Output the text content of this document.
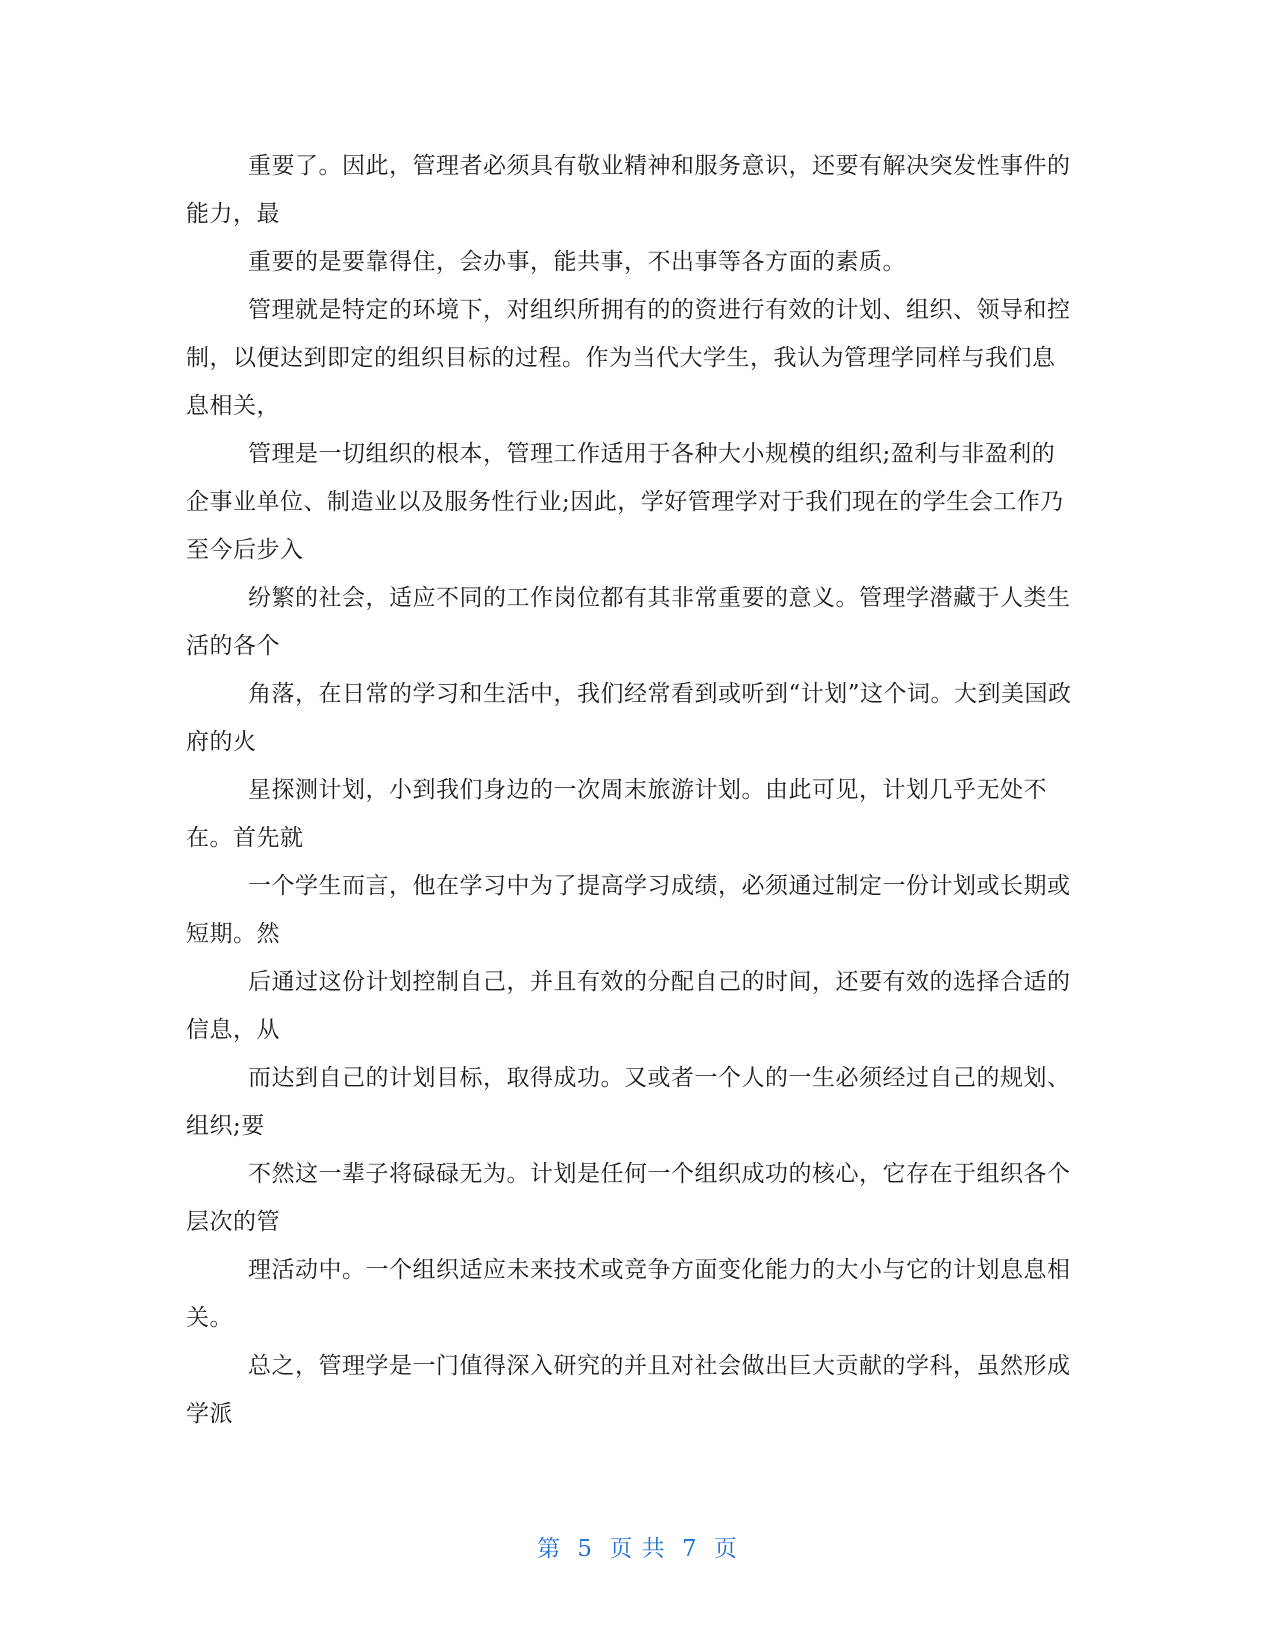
重要了。因此，管理者必须具有敬业精神和服务意识，还要有解决突发性事件的能力，最

重要的是要靠得住，会办事，能共事，不出事等各方面的素质。

管理就是特定的环境下，对组织所拥有的的资进行有效的计划、组织、领导和控制，以便达到即定的组织目标的过程。作为当代大学生，我认为管理学同样与我们息息相关，

管理是一切组织的根本，管理工作适用于各种大小规模的组织;盈利与非盈利的企事业单位、制造业以及服务性行业;因此，学好管理学对于我们现在的学生会工作乃至今后步入

纷繁的社会，适应不同的工作岗位都有其非常重要的意义。管理学潜藏于人类生活的各个

角落，在日常的学习和生活中，我们经常看到或听到“计划”这个词。大到美国政府的火

星探测计划，小到我们身边的一次周末旅游计划。由此可见，计划几乎无处不在。首先就

一个学生而言，他在学习中为了提高学习成绩，必须通过制定一份计划或长期或短期。然

后通过这份计划控制自己，并且有效的分配自己的时间，还要有效的选择合适的信息，从

而达到自己的计划目标，取得成功。又或者一个人的一生必须经过自己的规划、组织;要

不然这一辈子将碌碌无为。计划是任何一个组织成功的核心，它存在于组织各个层次的管

理活动中。一个组织适应未来技术或竞争方面变化能力的大小与它的计划息息相关。

总之，管理学是一门值得深入研究的并且对社会做出巨大贡献的学科，虽然形成学派

第 5 页 共 7 页
